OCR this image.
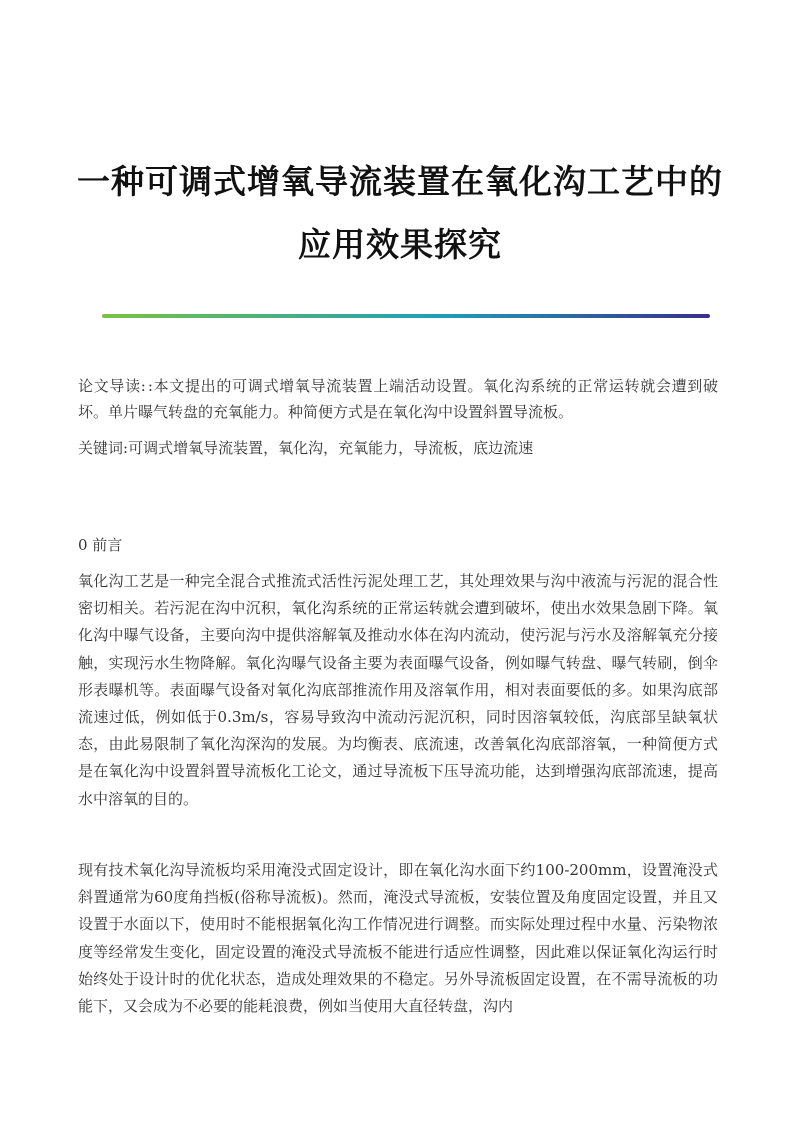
一种可调式增氧导流装置在氧化沟工艺中的
应用效果探究
论文导读: :本文提出的可调式增氧导流装置上端活动设置。氧化沟系统的正常运转就会遭到破坏。单片曝气转盘的充氧能力。种简便方式是在氧化沟中设置斜置导流板。
关键词:可调式增氧导流装置，氧化沟，充氧能力，导流板，底边流速
0 前言
氧化沟工艺是一种完全混合式推流式活性污泥处理工艺，其处理效果与沟中液流与污泥的混合性密切相关。若污泥在沟中沉积，氧化沟系统的正常运转就会遭到破坏，使出水效果急剧下降。氧化沟中曝气设备，主要向沟中提供溶解氧及推动水体在沟内流动，使污泥与污水及溶解氧充分接触，实现污水生物降解。氧化沟曝气设备主要为表面曝气设备，例如曝气转盘、曝气转刷，倒伞形表曝机等。表面曝气设备对氧化沟底部推流作用及溶氧作用，相对表面要低的多。如果沟底部流速过低，例如低于0.3m/s，容易导致沟中流动污泥沉积，同时因溶氧较低，沟底部呈缺氧状态，由此易限制了氧化沟深沟的发展。为均衡表、底流速，改善氧化沟底部溶氧，一种简便方式是在氧化沟中设置斜置导流板化工论文，通过导流板下压导流功能，达到增强沟底部流速，提高水中溶氧的目的。
现有技术氧化沟导流板均采用淹没式固定设计，即在氧化沟水面下约100-200mm，设置淹没式斜置通常为60度角挡板(俗称导流板)。然而，淹没式导流板，安装位置及角度固定设置，并且又设置于水面以下，使用时不能根据氧化沟工作情况进行调整。而实际处理过程中水量、污染物浓度等经常发生变化，固定设置的淹没式导流板不能进行适应性调整，因此难以保证氧化沟运行时始终处于设计时的优化状态，造成处理效果的不稳定。另外导流板固定设置，在不需导流板的功能下，又会成为不必要的能耗浪费，例如当使用大直径转盘，沟内
